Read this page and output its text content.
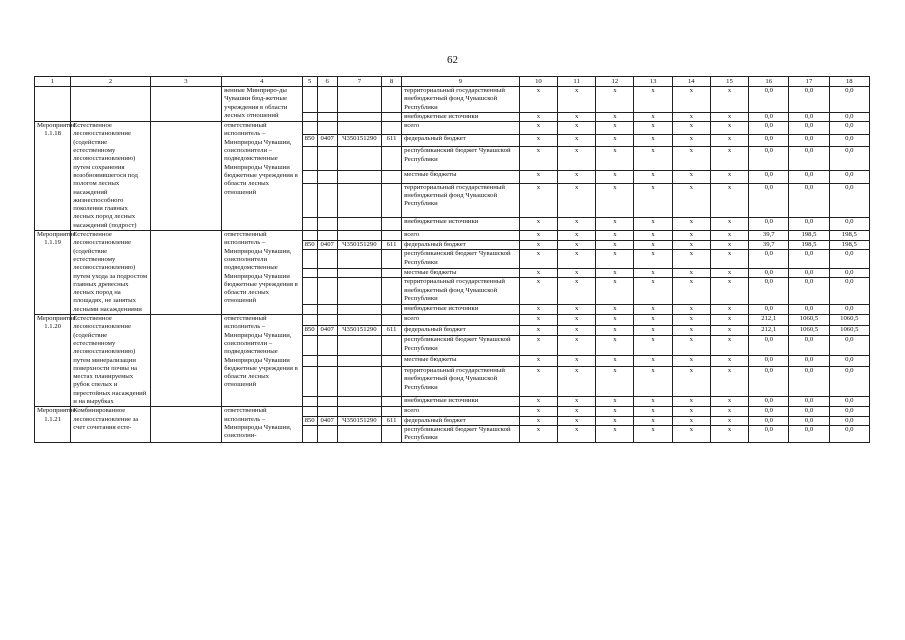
62
1	2	3	4	5	6	7	8	9	10	11	12	13	14	15	16	17	18
			венные Минприро-ды Чувашии бюд-жетные учреждения в области лесных отношений					территориальный государственный внебюджетный фонд Чувашской Республики	x	x	x	x	x	x	0,0	0,0	0,0
								внебюджетные источники	x	x	x	x	x	x	0,0	0,0	0,0
Мероприятие 1.1.18	Естественное лесовосстановление (содействие естественному лесовосстановлению) путем сохранения возобновившегося под пологом лесных насаждений жизнеспособного поколения главных лесных пород лесных насаждений (подрост)		ответственный исполнитель – Минприроды Чувашии, соисполнители – подведомственные Минприроды Чувашии бюджетные учреждения в области лесных отношений					всего	x	x	x	x	x	x	0,0	0,0	0,0
				850	0407	Ч350151290	611	федеральный бюджет	x	x	x	x	x	x	0,0	0,0	0,0
								республиканский бюджет Чувашской Республики	x	x	x	x	x	x	0,0	0,0	0,0
								местные бюджеты	x	x	x	x	x	x	0,0	0,0	0,0
								территориальный государственный внебюджетный фонд Чувашской Республики	x	x	x	x	x	x	0,0	0,0	0,0
								внебюджетные источники	x	x	x	x	x	x	0,0	0,0	0,0
Мероприятие 1.1.19	Естественное лесовосстановление (содействие естественному лесовосстановлению) путем ухода за подростом главных древесных лесных пород на площадях, не занятых лесными насаждениями		ответственный исполнитель – Минприроды Чувашии, соисполнители подведомственные Минприроды Чувашии бюджетные учреждения в области лесных отношений					всего	x	x	x	x	x	x	39,7	198,5	198,5
				850	0407	Ч350151290	611	федеральный бюджет	x	x	x	x	x	x	39,7	198,5	198,5
								республиканский бюджет Чувашской Республики	x	x	x	x	x	x	0,0	0,0	0,0
								местные бюджеты	x	x	x	x	x	x	0,0	0,0	0,0
								территориальный государственный внебюджетный фонд Чувашской Республики	x	x	x	x	x	x	0,0	0,0	0,0
								внебюджетные источники	x	x	x	x	x	x	0,0	0,0	0,0
Мероприятие 1.1.20	Естественное лесовосстановление (содействие естественному лесовосстановлению) путем минерализации поверхности почвы на местах планируемых рубок спелых и перестойных насаждений и на вырубках		ответственный исполнитель – Минприроды Чувашии, соисполнители – подведомственные Минприроды Чувашии бюджетные учреждения в области лесных отношений					всего	x	x	x	x	x	x	212,1	1060,5	1060,5
				850	0407	Ч350151290	611	федеральный бюджет	x	x	x	x	x	x	212,1	1060,5	1060,5
								республиканский бюджет Чувашской Республики	x	x	x	x	x	x	0,0	0,0	0,0
								местные бюджеты	x	x	x	x	x	x	0,0	0,0	0,0
								территориальный государственный внебюджетный фонд Чувашской Республики	x	x	x	x	x	x	0,0	0,0	0,0
								внебюджетные источники	x	x	x	x	x	x	0,0	0,0	0,0
Мероприятие 1.1.21	Комбинированное лесовосстановление за счет сочетания есте-		ответственный исполнитель – Минприроды Чувашии, соисполни-					всего	x	x	x	x	x	x	0,0	0,0	0,0
				850	0407	Ч350151290	611	федеральный бюджет	x	x	x	x	x	x	0,0	0,0	0,0
								республиканский бюджет Чувашской Республики	x	x	x	x	x	x	0,0	0,0	0,0
